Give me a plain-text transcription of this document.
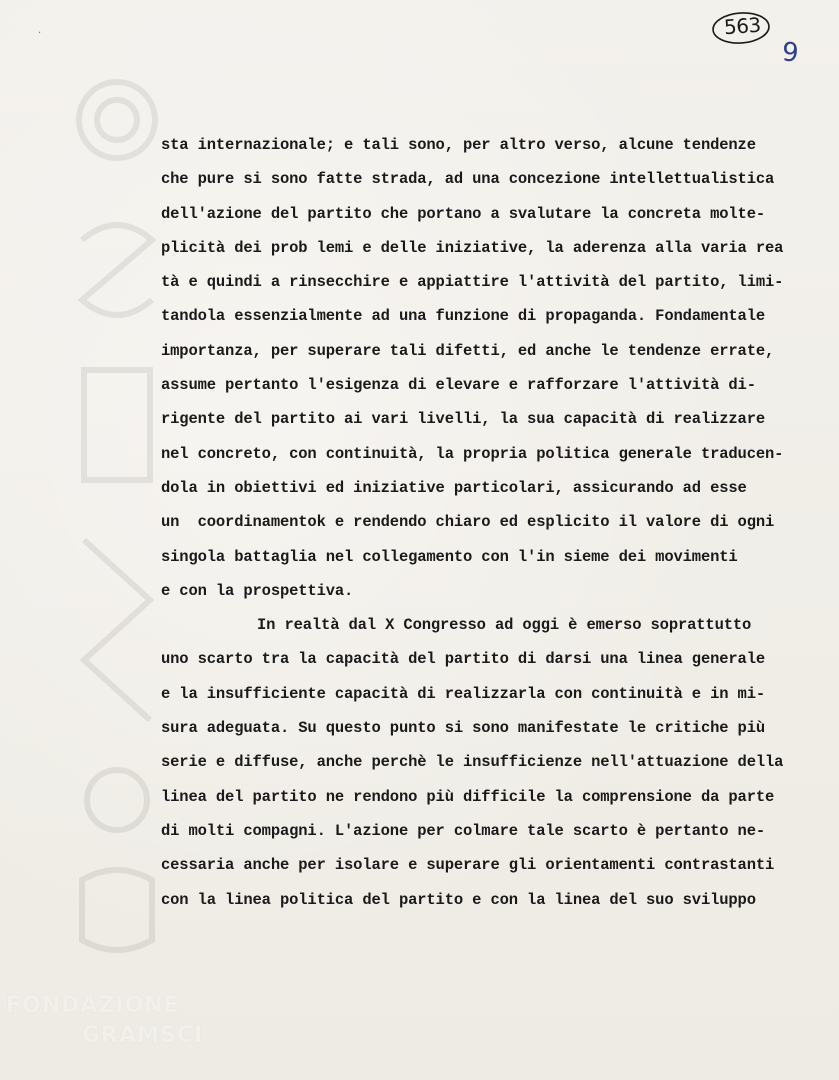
·	563
9
sta internazionale; e tali sono, per altro verso, alcune tendenze
che pure si sono fatte strada, ad una concezione intellettualistica
dell'azione del partito che portano a svalutare la concreta molte-
plicità dei prob lemi e delle iniziative, la aderenza alla varia rea
tà e quindi a rinsecchire e appiattire l'attività del partito, limi-
tandola essenzialmente ad una funzione di propaganda. Fondamentale
importanza, per superare tali difetti, ed anche le tendenze errate,
assume pertanto l'esigenza di elevare e rafforzare l'attività di-
rigente del partito ai vari livelli, la sua capacità di realizzare
nel concreto, con continuità, la propria politica generale traducen-
dola in obiettivi ed iniziative particolari, assicurando ad esse
un  coordinamentok e rendendo chiaro ed esplicito il valore di ogni
singola battaglia nel collegamento con l'in sieme dei movimenti
e con la prospettiva.
In realtà dal X Congresso ad oggi è emerso soprattutto
uno scarto tra la capacità del partito di darsi una linea generale
e la insufficiente capacità di realizzarla con continuità e in mi-
sura adeguata. Su questo punto si sono manifestate le critiche più
serie e diffuse, anche perchè le insufficienze nell'attuazione della
linea del partito ne rendono più difficile la comprensione da parte
di molti compagni. L'azione per colmare tale scarto è pertanto ne-
cessaria anche per isolare e superare gli orientamenti contrastanti
con la linea politica del partito e con la linea del suo sviluppo
FONDAZIONE
GRAMSCI
